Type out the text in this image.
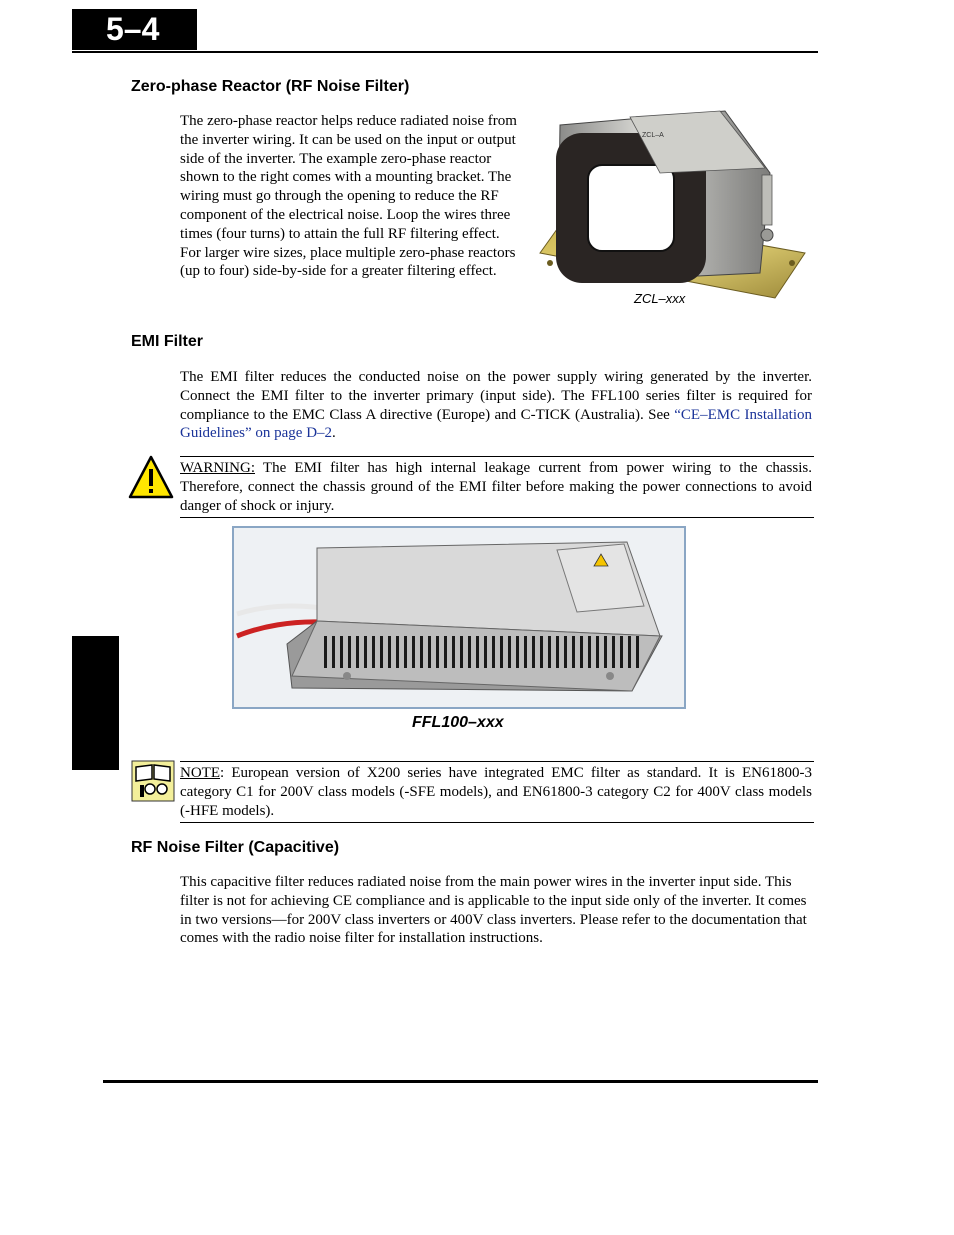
5–4
Zero-phase Reactor (RF Noise Filter)

The zero-phase reactor helps reduce radiated noise from the inverter wiring. It can be used on the input or output side of the inverter. The example zero-phase reactor shown to the right comes with a mounting bracket. The wiring must go through the opening to reduce the RF component of the electrical noise. Loop the wires three times (four turns) to attain the full RF filtering effect. For larger wire sizes, place multiple zero-phase reactors (up to four) side-by-side for a greater filtering effect.

ZCL–A
ZCL–xxx
EMI Filter

The EMI filter reduces the conducted noise on the power supply wiring generated by the inverter. Connect the EMI filter to the inverter primary (input side). The FFL100 series filter is required for compliance to the EMC Class A directive (Europe) and C-TICK (Australia). See “CE–EMC Installation Guidelines” on page D–2.

WARNING: The EMI filter has high internal leakage current from power wiring to the chassis. Therefore, connect the chassis ground of the EMI filter before making the power connections to avoid danger of shock or injury.
FFL100–xxx
NOTE: European version of X200 series have integrated EMC filter as standard. It is EN61800-3 category C1 for 200V class models (-SFE models), and EN61800-3 category C2 for 400V class models (-HFE models).
RF Noise Filter (Capacitive)

This capacitive filter reduces radiated noise from the main power wires in the inverter input side. This filter is not for achieving CE compliance and is applicable to the input side only of the inverter. It comes in two versions—for 200V class inverters or 400V class inverters. Please refer to the documentation that comes with the radio noise filter for installation instructions.
